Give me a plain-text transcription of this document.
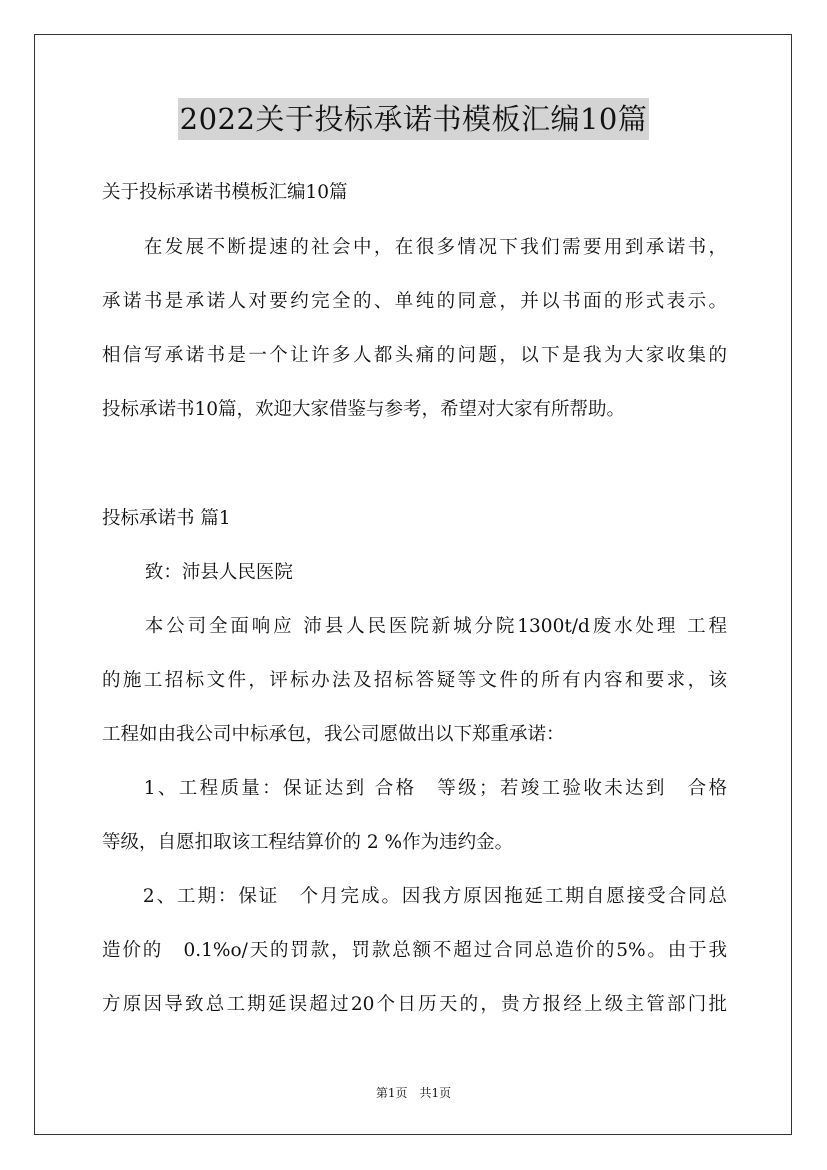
2022关于投标承诺书模板汇编10篇
关于投标承诺书模板汇编10篇
　　在发展不断提速的社会中，在很多情况下我们需要用到承诺书，
承诺书是承诺人对要约完全的、单纯的同意，并以书面的形式表示。
相信写承诺书是一个让许多人都头痛的问题，以下是我为大家收集的
投标承诺书10篇，欢迎大家借鉴与参考，希望对大家有所帮助。
投标承诺书 篇1
　　 致：沛县人民医院
　　本公司全面响应 沛县人民医院新城分院1300t/d废水处理 工程
的施工招标文件，评标办法及招标答疑等文件的所有内容和要求，该
工程如由我公司中标承包，我公司愿做出以下郑重承诺：
　　1、工程质量：保证达到 合格　等级；若竣工验收未达到　合格
等级，自愿扣取该工程结算价的 2 %作为违约金。
　　2、工期：保证　个月完成。因我方原因拖延工期自愿接受合同总
造价的　0.1%o/天的罚款，罚款总额不超过合同总造价的5%。由于我
方原因导致总工期延误超过20个日历天的，贵方报经上级主管部门批
第1页　共1页
